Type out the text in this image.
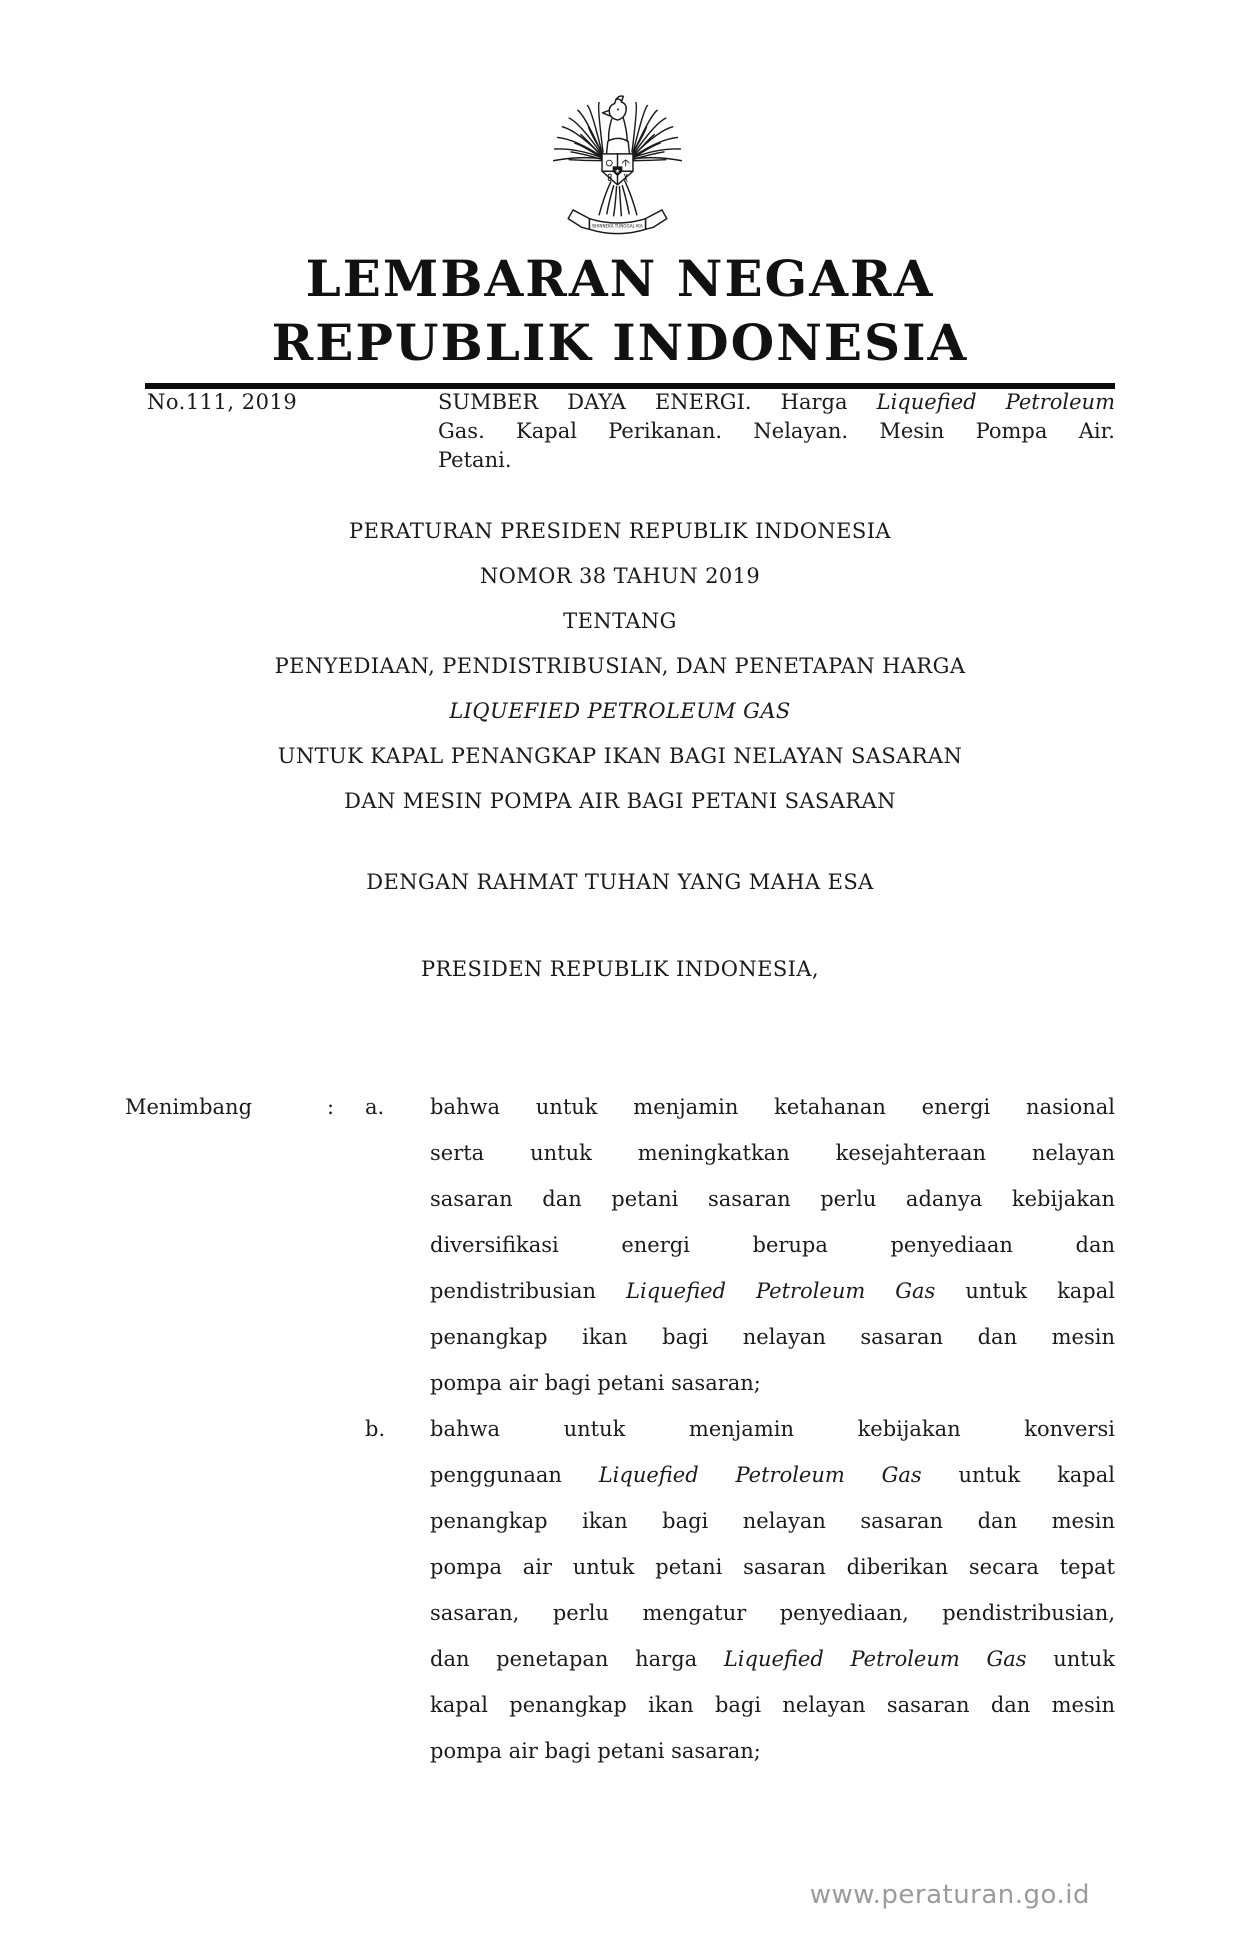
BHINNEKA TUNGGAL IKA
★
LEMBARAN NEGARA
REPUBLIK INDONESIA
No.111, 2019	SUMBER DAYA ENERGI. Harga Liquefied Petroleum
Gas. Kapal Perikanan. Nelayan. Mesin Pompa Air.
Petani.
PERATURAN PRESIDEN REPUBLIK INDONESIA
NOMOR 38 TAHUN 2019
TENTANG
PENYEDIAAN, PENDISTRIBUSIAN, DAN PENETAPAN HARGA
LIQUEFIED PETROLEUM GAS
UNTUK KAPAL PENANGKAP IKAN BAGI NELAYAN SASARAN
DAN MESIN POMPA AIR BAGI PETANI SASARAN
DENGAN RAHMAT TUHAN YANG MAHA ESA
PRESIDEN REPUBLIK INDONESIA,
Menimbang	: a.	bahwa untuk menjamin ketahanan energi nasional
serta untuk meningkatkan kesejahteraan nelayan
sasaran dan petani sasaran perlu adanya kebijakan
diversifikasi energi berupa penyediaan dan
pendistribusian Liquefied Petroleum Gas untuk kapal
penangkap ikan bagi nelayan sasaran dan mesin
pompa air bagi petani sasaran;
b.	bahwa untuk menjamin kebijakan konversi
penggunaan Liquefied Petroleum Gas untuk kapal
penangkap ikan bagi nelayan sasaran dan mesin
pompa air untuk petani sasaran diberikan secara tepat
sasaran, perlu mengatur penyediaan, pendistribusian,
dan penetapan harga Liquefied Petroleum Gas untuk
kapal penangkap ikan bagi nelayan sasaran dan mesin
pompa air bagi petani sasaran;
www.peraturan.go.id
